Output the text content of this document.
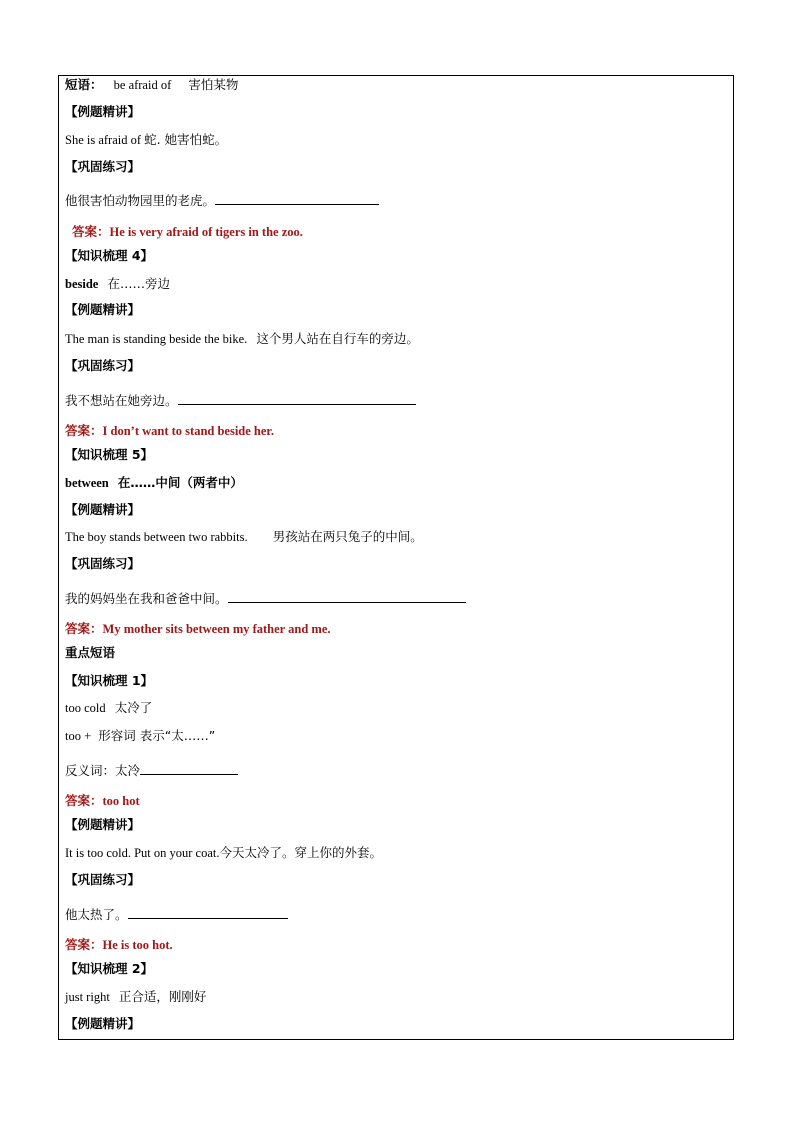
短语： be afraid of 害怕某物
【例题精讲】
She is afraid of 蛇. 她害怕蛇。
【巩固练习】
他很害怕动物园里的老虎。
答案：He is very afraid of tigers in the zoo.
【知识梳理 4】
beside 在……旁边
【例题精讲】
The man is standing beside the bike. 这个男人站在自行车的旁边。
【巩固练习】
我不想站在她旁边。
答案：I don’t want to stand beside her.
【知识梳理 5】
between 在……中间（两者中）
【例题精讲】
The boy stands between two rabbits. 男孩站在两只兔子的中间。
【巩固练习】
我的妈妈坐在我和爸爸中间。
答案：My mother sits between my father and me.
重点短语
【知识梳理 1】
too cold 太冷了
too + 形容词 表示“太……”
反义词：太冷
答案：too hot
【例题精讲】
It is too cold. Put on your coat.今天太冷了。穿上你的外套。
【巩固练习】
他太热了。
答案：He is too hot.
【知识梳理 2】
just right 正合适，刚刚好
【例题精讲】
